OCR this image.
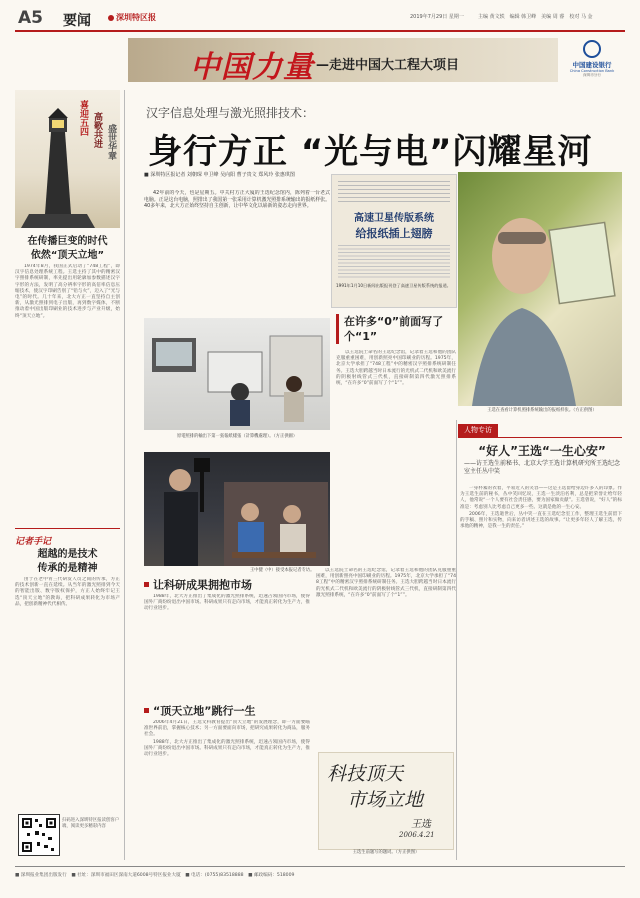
A5 要闻	深圳特区报	2019年7月29日 星期一	主编 黄文轶　编辑 韩卫峰　美编 周 睿　校对 马 金
中国力量 —走进中国大工程大项目	中国建设银行
China Construction Bank
深圳市分行
喜迎五四 高歌共进 盛世华章
在传播巨变的时代
依然“顶天立地”

1974年8月，我国正式启动了“748工程”，即汉字信息处理系统工程。王选主持了其中的精密汉字照排系统研制，率先提出用轮廓加参数描述汉字字形的方法，发明了高分辨率字形的高倍率信息压缩技术，使汉字印刷告别了“铅与火”，迈入了“光与电”的时代。几十年来，北大方正一直坚持自主创新，从激光照排到电子出版，再到数字媒体，不断推动着中国出版印刷业的技术进步与产业升级，始终“顶天立地”。

记者手记
超越的是技术
传承的是精神

由于在老中青三代研发人员之间的传承，方正的技术创新一直在延续。从当年的激光照排到今天的智能出版、数字版权保护，方正人始终牢记王选“顶天立地”的教诲，把科研成果转化为市场产品，把创新精神代代相传。

扫码进入深圳特区报读创客户端，阅读更多精彩内容
汉字信息处理与激光照排技术：
身行方正 “光与电”闪耀星河
■ 深圳特区报记者 刘朝琛 申卫峰 吴向阳 曹子贵文 郑风玲 张惠琪图

42年前的今天，也是星期五。中关村方正大厦的王选纪念馆内，陈列着一台老式电脑。正是这台电脑，照排出了我国第一张采用计算机激光照排系统输出的报纸样张。40多年来，北大方正始终坚持自主创新，让中华文化以崭新的姿态走向世界。

高速卫星传版系统
给报纸插上翅膀
1991年1月10日新闻出版报刊登了高速卫星传版系统的报道。
王选在查看计算机照排系统输出的报纸样张。（方正供图）
原電照排的輸出下第一張報紙樣張（計算機處理）。（方正供圖）
在许多“0”前面写了个“1”

以王选院士命名的王选纪念馆，记录着王选和他的团队克服重重困难，用创新照亮中国印刷业的历程。1975年，北京大学承担了“748工程”中的精密汉字照排系统研制任务。王选大胆跨越当时日本流行的光机式二代机和欧美流行的阴极射线管式三代机，直接研制第四代激光照排系统，“在许多“0”前面写了个“1””。

王中健（中）接受本报记者专访。
人物专访
“好人”王选“一生心安”
——访王选生前秘书、北京大学王选计算机研究所王选纪念室主任丛中笑

一身朴素的衣着，平易近人的笑容——这是王选留给身边许多人的印象。作为王选生前的秘书，丛中笑回忆说，王选一生淡泊名利，总是把荣誉让给年轻人，他常说“一个人要有社会责任感，要为国家做贡献”。王选曾说，“好人”的标准是：考虑别人比考虑自己更多一些。这就是他的一生心安。

2006年，王选逝世后，丛中笑一直在王选纪念室工作，整理王选生前留下的手稿、照片和实物，向来访者讲述王选的故事。“让更多年轻人了解王选，传承他的精神，是我一生的责任。”

让科研成果拥抱市场

1988年，北大方正推出了集成化的激光照排系统，迅速占领国内市场，使得国外厂商纷纷退出中国市场。科研成果只有走向市场，才能真正转化为生产力，推动行业进步。

以王选院士命名的王选纪念馆，记录着王选和他的团队克服重重困难，用创新照亮中国印刷业的历程。1975年，北京大学承担了“748工程”中的精密汉字照排系统研制任务。王选大胆跨越当时日本流行的光机式二代机和欧美流行的阴极射线管式三代机，直接研制第四代激光照排系统，“在许多“0”前面写了个“1””。

“顶天立地”跳行一生

2006年4月21日，王选文科教育提出“顶天立地”的发展理念，即一方面要瞄准世界前沿，掌握核心技术；另一方面要面向市场，把研究成果转化为商品，服务社会。

1988年，北大方正推出了集成化的激光照排系统，迅速占领国内市场，使得国外厂商纷纷退出中国市场。科研成果只有走向市场，才能真正转化为生产力，推动行业进步。

科技顶天
市场立地
王选
2006.4.21
王选生前题写的题词。（方正供图）
■ 深圳报业集团出版发行　■ 社址：深圳市福田区深南大道6008号特区报业大厦　■ 电话：(0755)83518888　■ 邮政编码：518009
